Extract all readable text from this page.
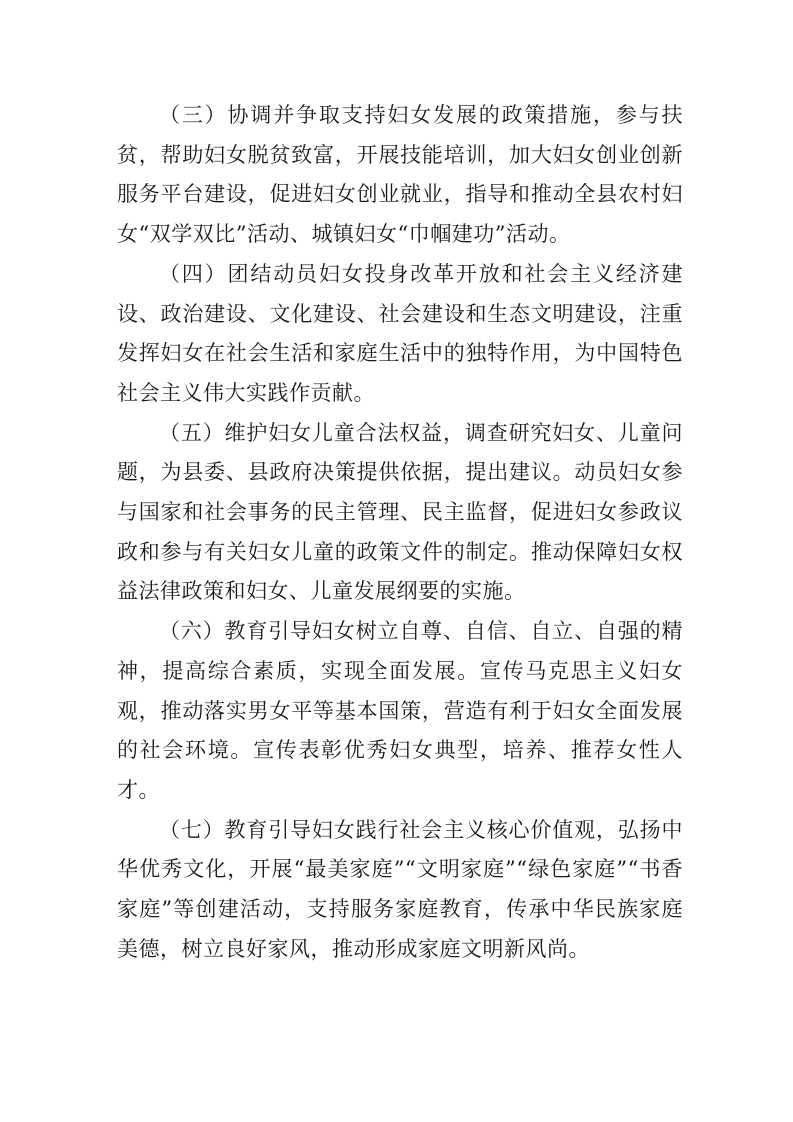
（三）协调并争取支持妇女发展的政策措施，参与扶贫，帮助妇女脱贫致富，开展技能培训，加大妇女创业创新服务平台建设，促进妇女创业就业，指导和推动全县农村妇女“双学双比”活动、城镇妇女“巾帼建功”活动。

（四）团结动员妇女投身改革开放和社会主义经济建设、政治建设、文化建设、社会建设和生态文明建设，注重发挥妇女在社会生活和家庭生活中的独特作用，为中国特色社会主义伟大实践作贡献。

（五）维护妇女儿童合法权益，调查研究妇女、儿童问题，为县委、县政府决策提供依据，提出建议。动员妇女参与国家和社会事务的民主管理、民主监督，促进妇女参政议政和参与有关妇女儿童的政策文件的制定。推动保障妇女权益法律政策和妇女、儿童发展纲要的实施。

（六）教育引导妇女树立自尊、自信、自立、自强的精神，提高综合素质，实现全面发展。宣传马克思主义妇女观，推动落实男女平等基本国策，营造有利于妇女全面发展的社会环境。宣传表彰优秀妇女典型，培养、推荐女性人才。

（七）教育引导妇女践行社会主义核心价值观，弘扬中华优秀文化，开展“最美家庭”“文明家庭”“绿色家庭”“书香家庭”等创建活动，支持服务家庭教育，传承中华民族家庭美德，树立良好家风，推动形成家庭文明新风尚。
